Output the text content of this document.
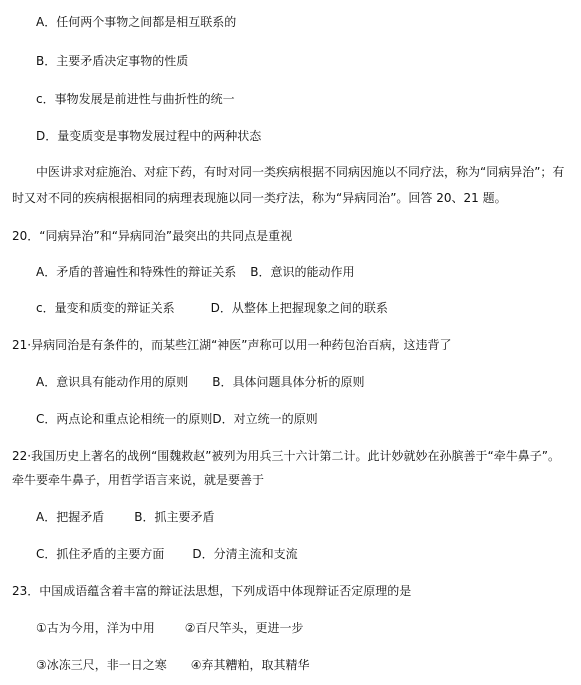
A．任何两个事物之间都是相互联系的
B．主要矛盾决定事物的性质
c．事物发展是前进性与曲折性的统一
D．量变质变是事物发展过程中的两种状态
中医讲求对症施治、对症下药，有时对同一类疾病根据不同病因施以不同疗法，称为“同病异治”；有时又对不同的疾病根据相同的病理表现施以同一类疗法，称为“异病同治”。回答 20、21 题。
20．“同病异治”和“异病同治”最突出的共同点是重视
A．矛盾的普遍性和特殊性的辩证关系 B．意识的能动作用
c．量变和质变的辩证关系	D．从整体上把握现象之间的联系
21·异病同治是有条件的，而某些江湖“神医”声称可以用一种药包治百病，这违背了
A．意识具有能动作用的原则 B．具体问题具体分析的原则
C．两点论和重点论相统一的原则D．对立统一的原则
22·我国历史上著名的战例“围魏救赵”被列为用兵三十六计第二计。此计妙就妙在孙膑善于“牵牛鼻子”。
牵牛要牵牛鼻子，用哲学语言来说，就是要善于
A．把握矛盾	B．抓主要矛盾
C．抓住矛盾的主要方面 D．分清主流和支流
23．中国成语蕴含着丰富的辩证法思想，下列成语中体现辩证否定原理的是
①古为今用，洋为中用	②百尺竿头，更进一步
③冰冻三尺，非一日之寒 ④弃其糟粕，取其精华
